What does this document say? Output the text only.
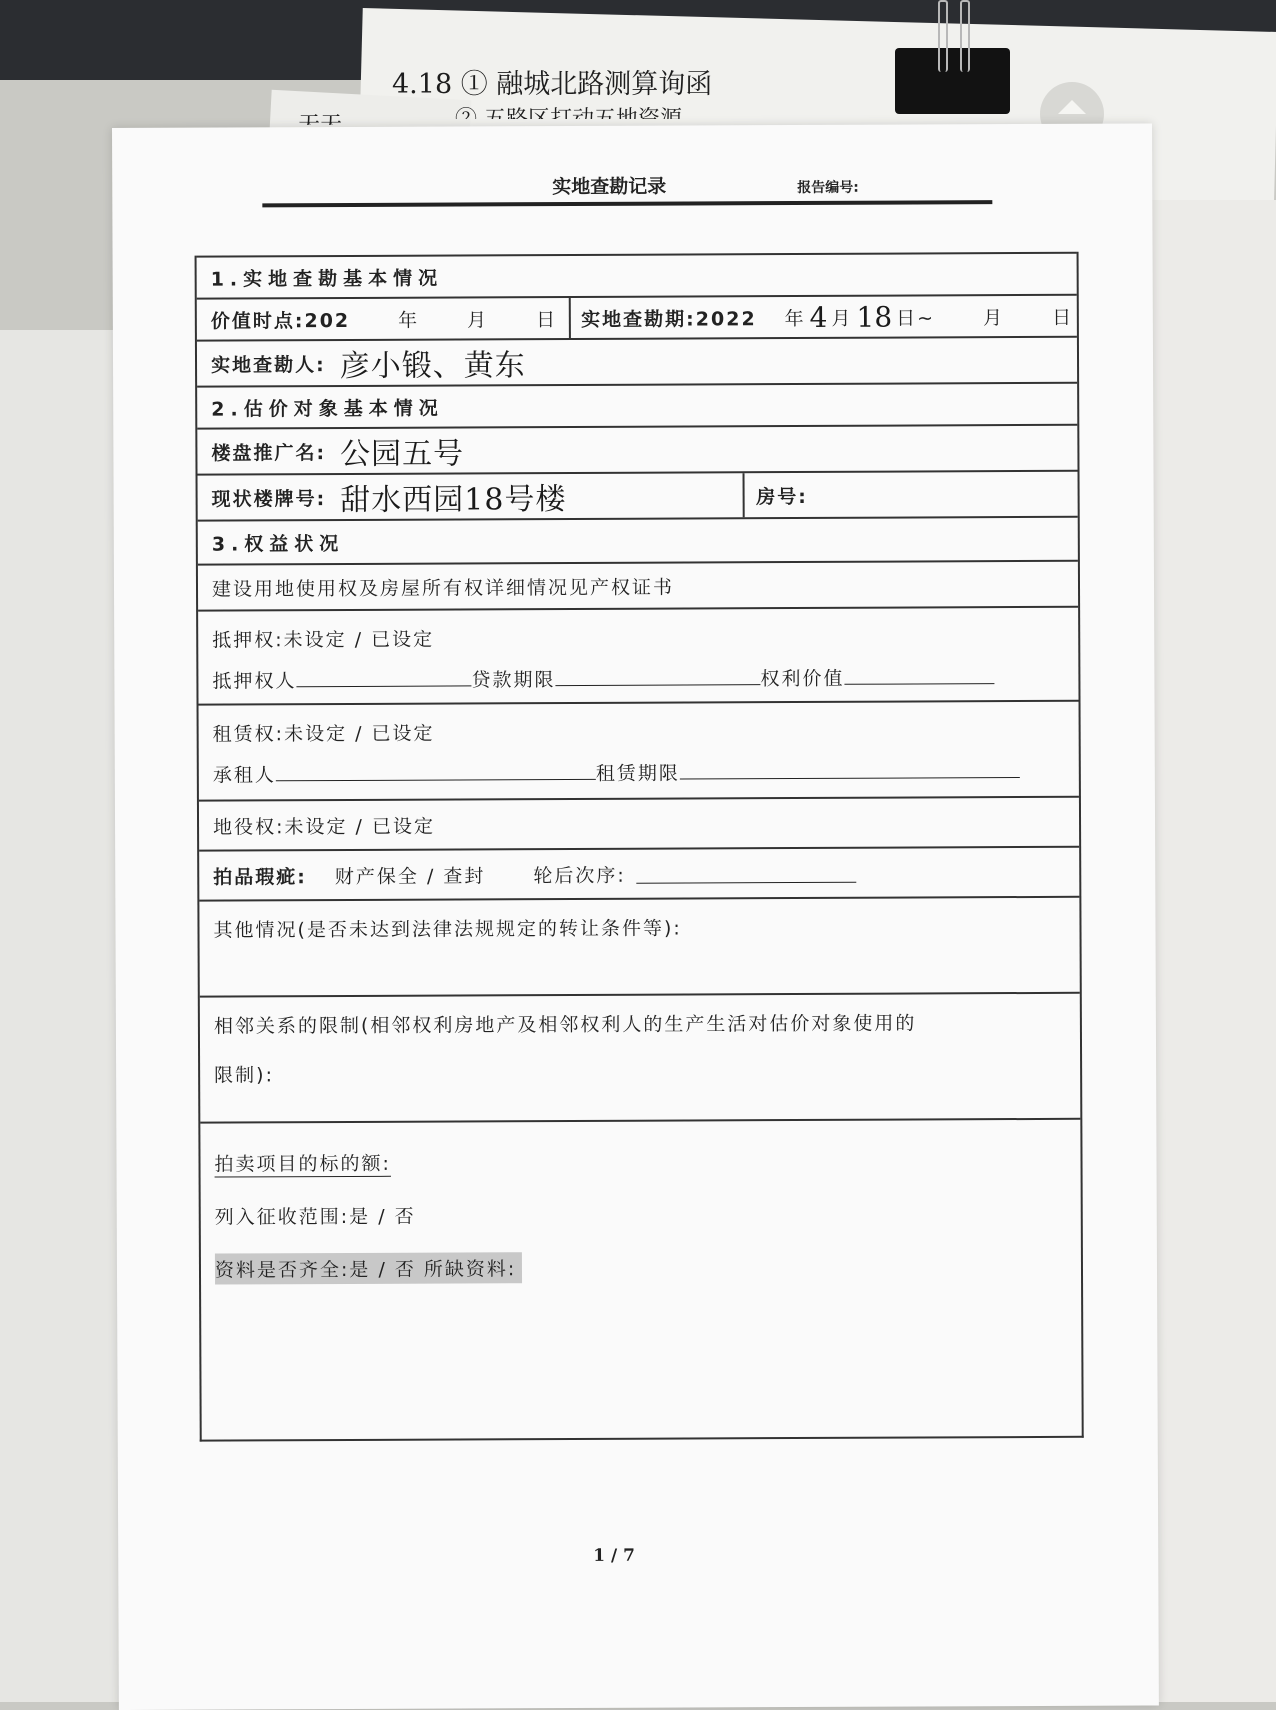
4.18 ① 融城北路测算询函
实地查勘记录	报告编号:
1.实地查勘基本情况
价值时点:202	年	月	日 实地查勘期:2022 年 4 月 18 日~	月	日
实地查勘人: 彦小锻、黄东
2.估价对象基本情况
楼盘推广名: 公园五号
现状楼牌号: 甜水西园18号楼	房号:
3.权益状况
建设用地使用权及房屋所有权详细情况见产权证书
抵押权:未设定 / 已设定
抵押权人	贷款期限	权利价值
租赁权:未设定 / 已设定
承租人	租赁期限
地役权:未设定 / 已设定
拍品瑕疵: 财产保全 / 查封	轮后次序:
其他情况(是否未达到法律法规规定的转让条件等):
相邻关系的限制(相邻权利房地产及相邻权利人的生产生活对估价对象使用的
限制):
拍卖项目的标的额:
列入征收范围:是 / 否
资料是否齐全:是 / 否 所缺资料:
1 / 7
